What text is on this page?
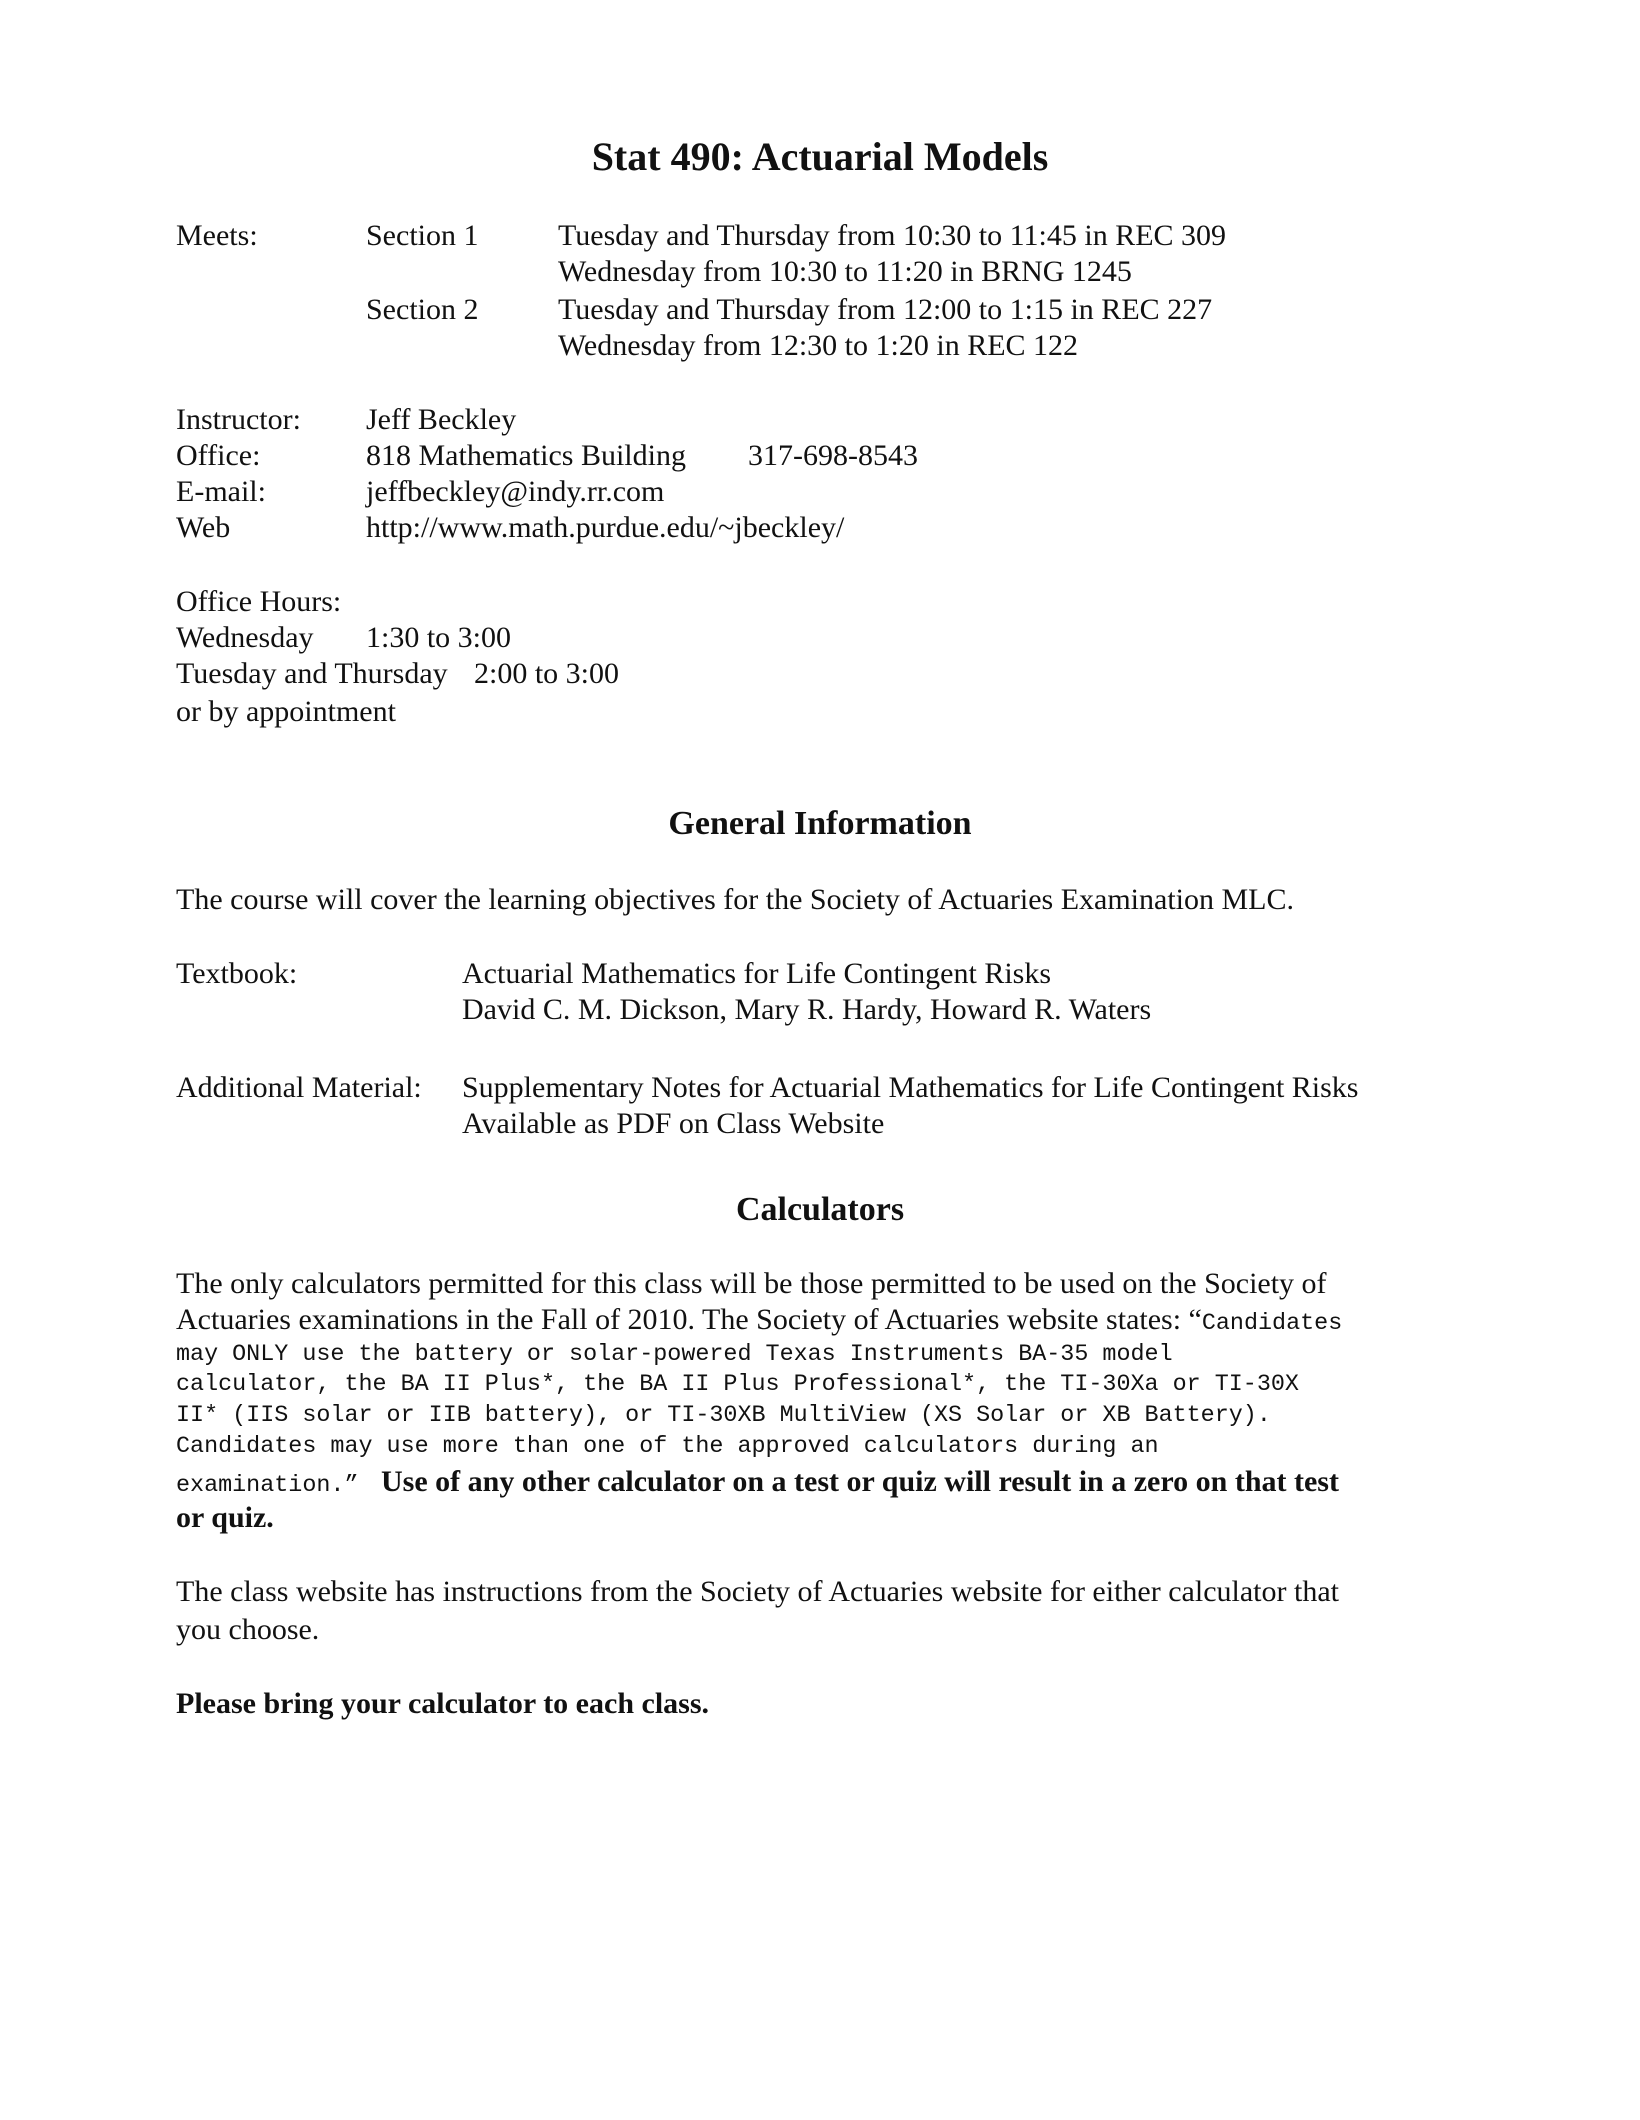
Stat 490: Actuarial Models
Meets:	Section 1	Tuesday and Thursday from 10:30 to 11:45 in REC 309
Wednesday from 10:30 to 11:20 in BRNG 1245
Section 2	Tuesday and Thursday from 12:00 to 1:15 in REC 227
Wednesday from 12:30 to 1:20 in REC 122
Instructor: Jeff Beckley
Office:	818 Mathematics Building 317-698-8543
E-mail:	jeffbeckley@indy.rr.com
Web	http://www.math.purdue.edu/~jbeckley/
Office Hours:
Wednesday 1:30 to 3:00
Tuesday and Thursday 2:00 to 3:00
or by appointment
General Information
The course will cover the learning objectives for the Society of Actuaries Examination MLC.
Textbook:	Actuarial Mathematics for Life Contingent Risks
David C. M. Dickson, Mary R. Hardy, Howard R. Waters
Additional Material: Supplementary Notes for Actuarial Mathematics for Life Contingent Risks
Available as PDF on Class Website
Calculators
The only calculators permitted for this class will be those permitted to be used on the Society of
Actuaries examinations in the Fall of 2010. The Society of Actuaries website states: “Candidates
may ONLY use the battery or solar-powered Texas Instruments BA-35 model
calculator, the BA II Plus*, the BA II Plus Professional*, the TI-30Xa or TI-30X
II* (IIS solar or IIB battery), or TI-30XB MultiView (XS Solar or XB Battery).
Candidates may use more than one of the approved calculators during an
examination.” Use of any other calculator on a test or quiz will result in a zero on that test
or quiz.
The class website has instructions from the Society of Actuaries website for either calculator that
you choose.
Please bring your calculator to each class.
